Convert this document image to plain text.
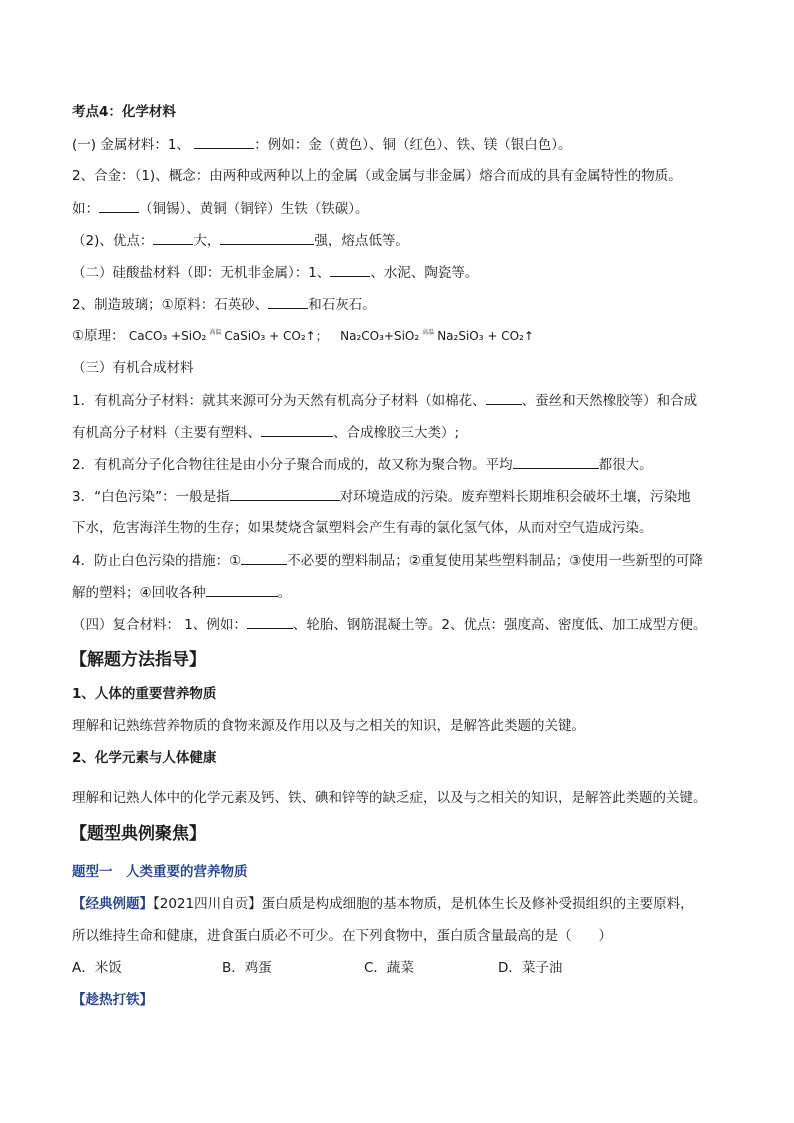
考点4：化学材料
(一) 金属材料：1、	：例如：金（黄色）、铜（红色）、铁、镁（银白色）。
2、合金：（1)、概念：由两种或两种以上的金属（或金属与非金属）熔合而成的具有金属特性的物质。
如：	（铜锡）、黄铜（铜锌）生铁（铁碳）。
（2)、优点：	大，	强，熔点低等。
（二）硅酸盐材料（即：无机非金属）：1、	、水泥、陶瓷等。
2、制造玻璃；①原料：石英砂、	和石灰石。
①原理： CaCO₃ +SiO₂ 高温 CaSiO₃ + CO₂↑； Na₂CO₃+SiO₂ 高温 Na₂SiO₃ + CO₂↑
（三）有机合成材料
1．有机高分子材料：就其来源可分为天然有机高分子材料（如棉花、	、蚕丝和天然橡胶等）和合成
有机高分子材料（主要有塑料、	、合成橡胶三大类）;
2．有机高分子化合物往往是由小分子聚合而成的，故又称为聚合物。平均	都很大。
3．“白色污染”：一般是指	对环境造成的污染。废弃塑料长期堆积会破坏土壤，污染地
下水，危害海洋生物的生存；如果焚烧含氯塑料会产生有毒的氯化氢气体，从而对空气造成污染。
4．防止白色污染的措施：①	不必要的塑料制品；②重复使用某些塑料制品；③使用一些新型的可降
解的塑料；④回收各种	。
（四）复合材料： 1、例如：	、轮胎、钢筋混凝土等。2、优点：强度高、密度低、加工成型方便。
【解题方法指导】
1、人体的重要营养物质
理解和记熟练营养物质的食物来源及作用以及与之相关的知识，是解答此类题的关键。
2、化学元素与人体健康
理解和记熟人体中的化学元素及钙、铁、碘和锌等的缺乏症，以及与之相关的知识，是解答此类题的关键。
【题型典例聚焦】
题型一　人类重要的营养物质
【经典例题】【2021四川自贡】蛋白质是构成细胞的基本物质，是机体生长及修补受损组织的主要原料，
所以维持生命和健康，进食蛋白质必不可少。在下列食物中，蛋白质含量最高的是（　　）
A．米饭	B．鸡蛋	C．蔬菜	D．菜子油
【趁热打铁】
